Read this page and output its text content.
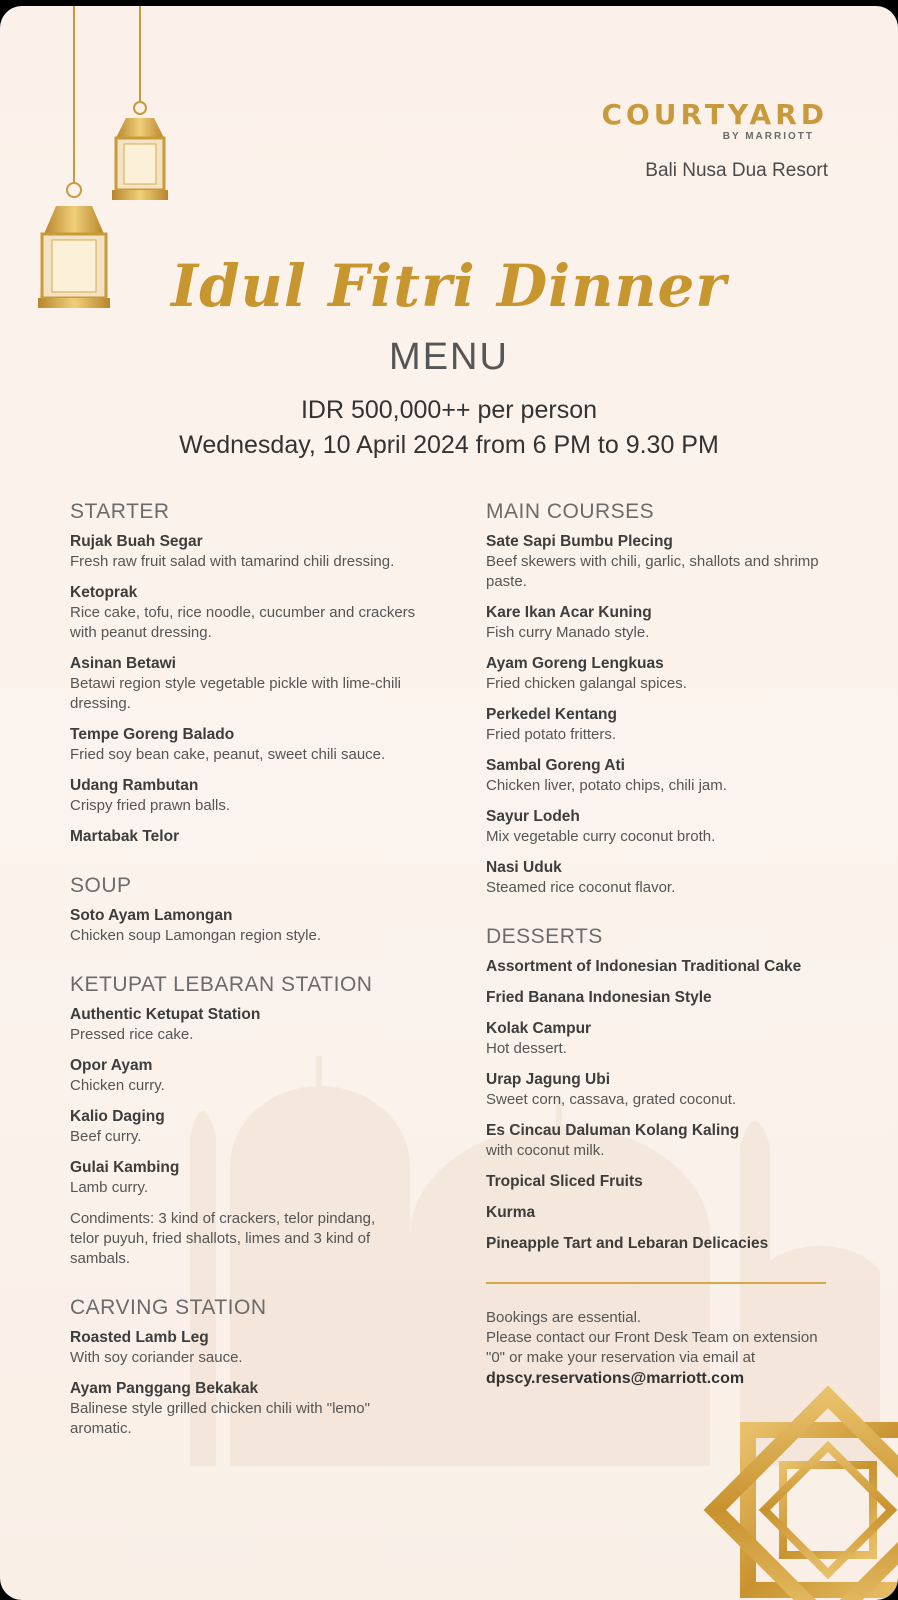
COURTYARD
BY MARRIOTT
Bali Nusa Dua Resort
Idul Fitri Dinner
MENU
IDR 500,000++ per person
Wednesday, 10 April 2024 from 6 PM to 9.30 PM
STARTER
Rujak Buah Segar
Fresh raw fruit salad with tamarind chili dressing.
Ketoprak
Rice cake, tofu, rice noodle, cucumber and crackers with peanut dressing.
Asinan Betawi
Betawi region style vegetable pickle with lime-chili dressing.
Tempe Goreng Balado
Fried soy bean cake, peanut, sweet chili sauce.
Udang Rambutan
Crispy fried prawn balls.
Martabak Telor
SOUP
Soto Ayam Lamongan
Chicken soup Lamongan region style.
KETUPAT LEBARAN STATION
Authentic Ketupat Station
Pressed rice cake.
Opor Ayam
Chicken curry.
Kalio Daging
Beef curry.
Gulai Kambing
Lamb curry.
Condiments: 3 kind of crackers, telor pindang,
telor puyuh, fried shallots, limes and 3 kind of sambals.
CARVING STATION
Roasted Lamb Leg
With soy coriander sauce.
Ayam Panggang Bekakak
Balinese style grilled chicken chili with "lemo" aromatic.
MAIN COURSES
Sate Sapi Bumbu Plecing
Beef skewers with chili, garlic, shallots and shrimp paste.
Kare Ikan Acar Kuning
Fish curry Manado style.
Ayam Goreng Lengkuas
Fried chicken galangal spices.
Perkedel Kentang
Fried potato fritters.
Sambal Goreng Ati
Chicken liver, potato chips, chili jam.
Sayur Lodeh
Mix vegetable curry coconut broth.
Nasi Uduk
Steamed rice coconut flavor.
DESSERTS
Assortment of Indonesian Traditional Cake
Fried Banana Indonesian Style
Kolak Campur
Hot dessert.
Urap Jagung Ubi
Sweet corn, cassava, grated coconut.
Es Cincau Daluman Kolang Kaling
with coconut milk.
Tropical Sliced Fruits
Kurma
Pineapple Tart and Lebaran Delicacies
Bookings are essential.
Please contact our Front Desk Team on extension "0" or make your reservation via email at
dpscy.reservations@marriott.com
